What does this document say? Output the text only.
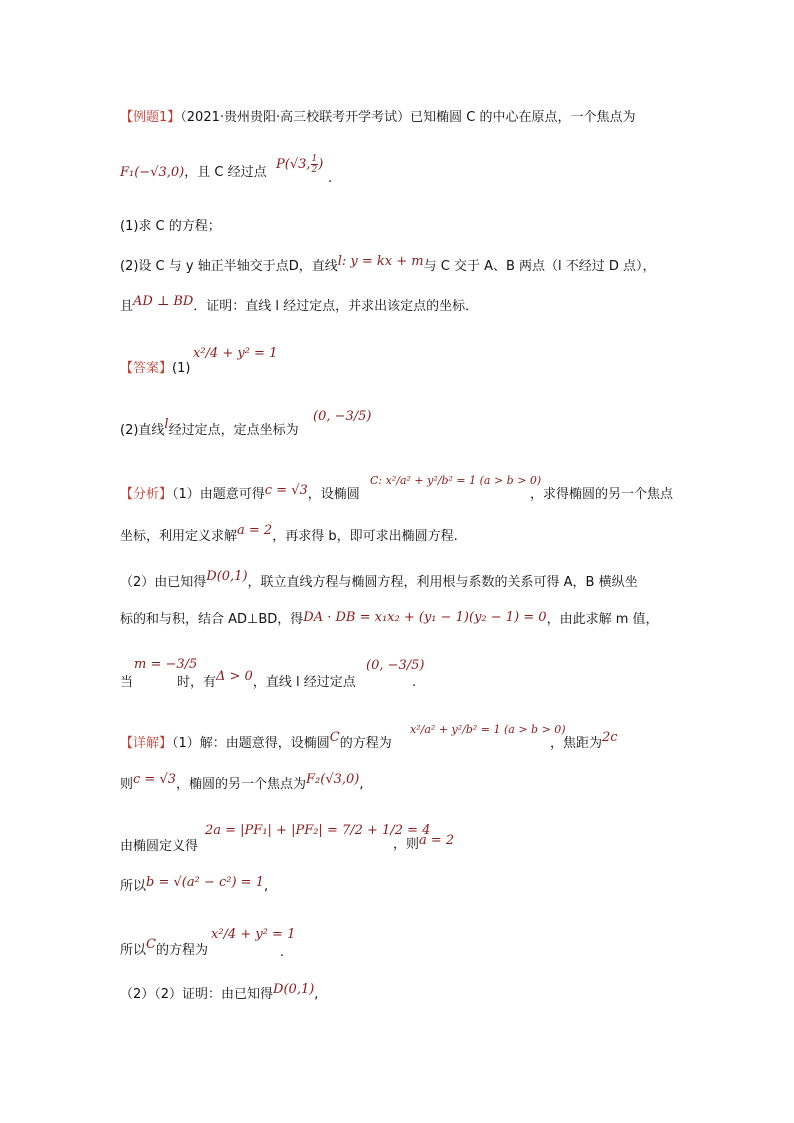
【例题1】（2021·贵州贵阳·高三校联考开学考试）已知椭圆 C 的中心在原点，一个焦点为
F₁(−√3,0)，且 C 经过点
P(√3, $\frac{1}{2}$ )
.
(1)求 C 的方程；
(2)设 C 与 y 轴正半轴交于点D，直线l: y = kx + m与 C 交于 A、B 两点（l 不经过 D 点），
且AD ⊥ BD．证明：直线 l 经过定点，并求出该定点的坐标．
【答案】(1)
x²/4 + y² = 1
(2)直线l经过定点，定点坐标为
(0, −3/5)
【分析】（1）由题意可得c = √3，设椭圆
C: x²/a² + y²/b² = 1 (a > b > 0)
，求得椭圆的另一个焦点
坐标，利用定义求解a = 2，再求得 b，即可求出椭圆方程.
（2）由已知得D(0,1)，联立直线方程与椭圆方程，利用根与系数的关系可得 A，B 横纵坐
标的和与积，结合 AD⊥BD，得DA · DB = x₁x₂ + (y₁ − 1)(y₂ − 1) = 0，由此求解 m 值，
m = −3/5
当	时，有Δ > 0，直线 l 经过定点
(0, −3/5)
.
【详解】（1）解：由题意得，设椭圆C的方程为
x²/a² + y²/b² = 1 (a > b > 0)
，焦距为2c
则c = √3，椭圆的另一个焦点为F₂(√3,0),
2a = |PF₁| + |PF₂| = 7/2 + 1/2 = 4
由椭圆定义得	，则a = 2
所以b = √(a² − c²) = 1,
所以C的方程为
x²/4 + y² = 1
.
（2）（2）证明：由已知得D(0,1),
